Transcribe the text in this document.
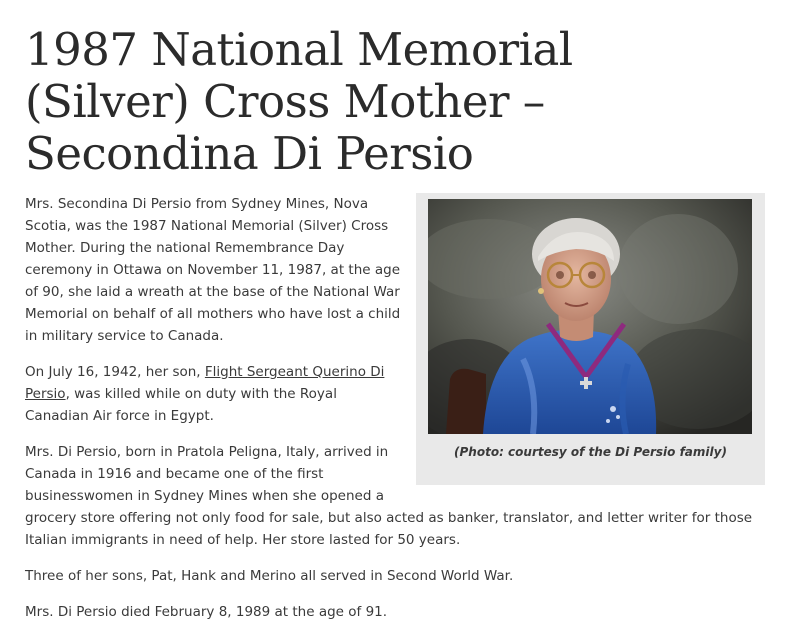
1987 National Memorial (Silver) Cross Mother – Secondina Di Persio
(Photo: courtesy of the Di Persio family)

Mrs. Secondina Di Persio from Sydney Mines, Nova Scotia, was the 1987 National Memorial (Silver) Cross Mother. During the national Remembrance Day ceremony in Ottawa on November 11, 1987, at the age of 90, she laid a wreath at the base of the National War Memorial on behalf of all mothers who have lost a child in military service to Canada.

On July 16, 1942, her son, Flight Sergeant Querino Di Persio, was killed while on duty with the Royal Canadian Air force in Egypt.

Mrs. Di Persio, born in Pratola Peligna, Italy, arrived in Canada in 1916 and became one of the first businesswomen in Sydney Mines when she opened a grocery store offering not only food for sale, but also acted as banker, translator, and letter writer for those Italian immigrants in need of help. Her store lasted for 50 years.

Three of her sons, Pat, Hank and Merino all served in Second World War.

Mrs. Di Persio died February 8, 1989 at the age of 91.
